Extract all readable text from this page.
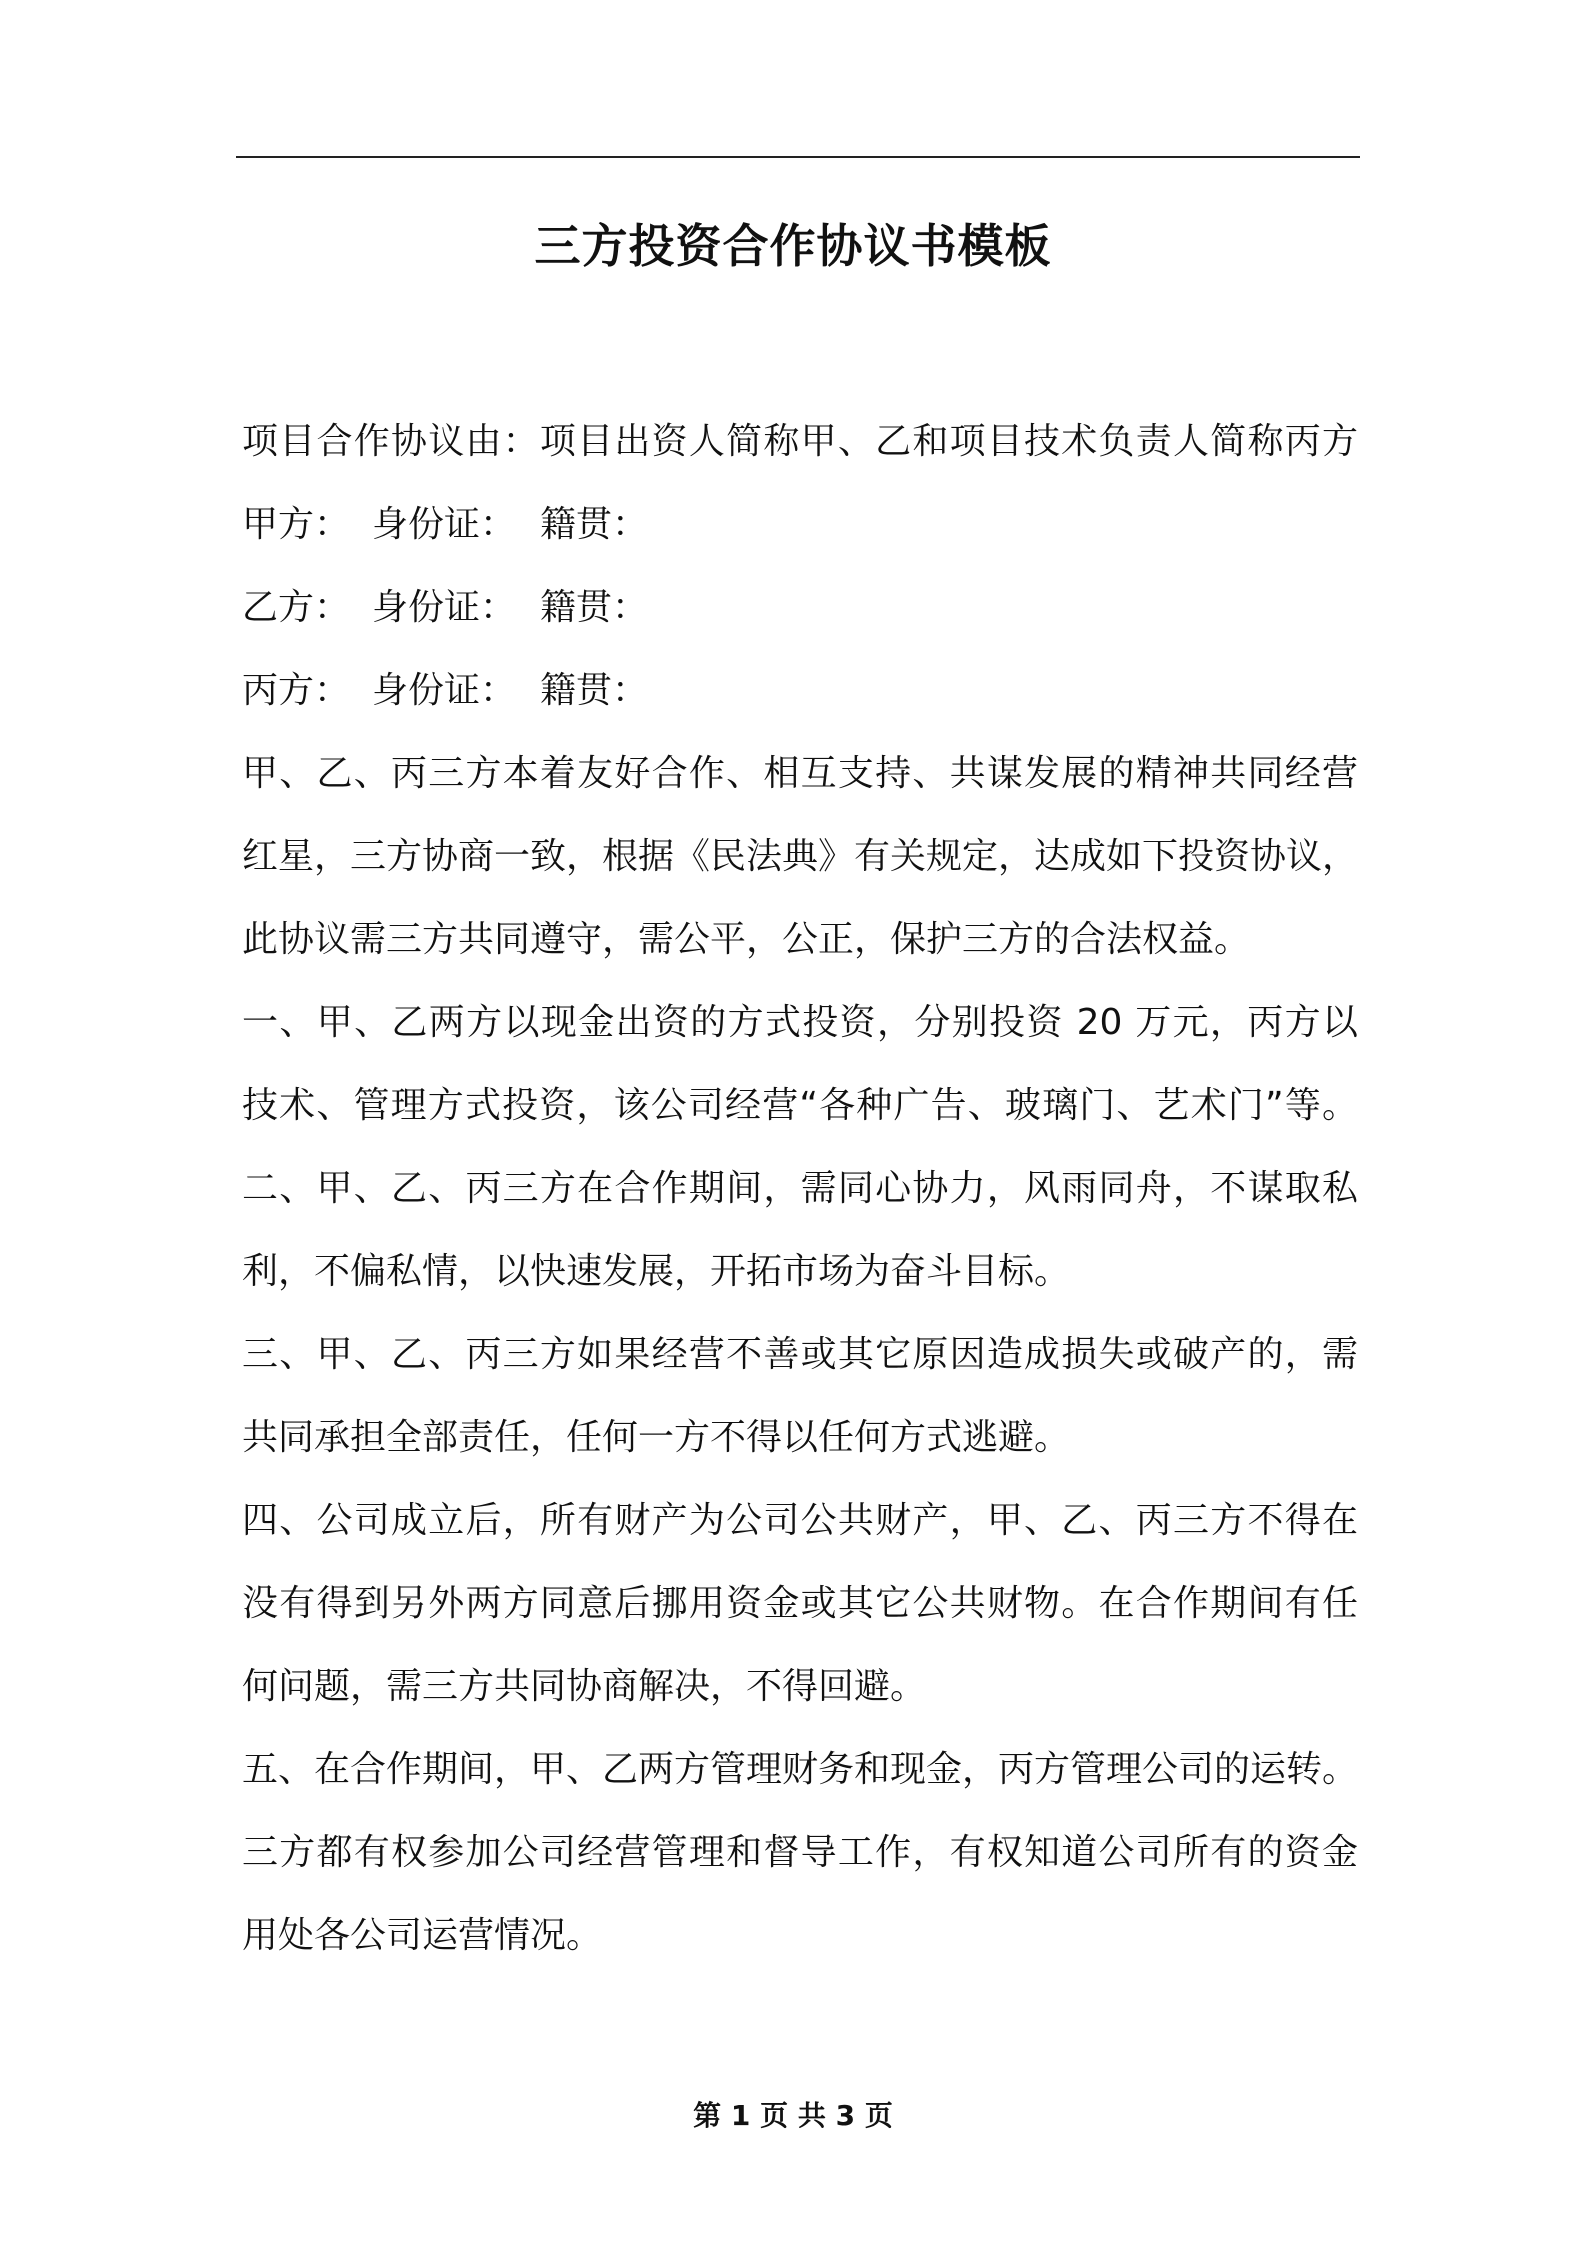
三方投资合作协议书模板
项目合作协议由：项目出资人简称甲、乙和项目技术负责人简称丙方
甲方： 身份证： 籍贯：
乙方： 身份证： 籍贯：
丙方： 身份证： 籍贯：
甲、乙、丙三方本着友好合作、相互支持、共谋发展的精神共同经营
红星，三方协商一致，根据《民法典》有关规定，达成如下投资协议，
此协议需三方共同遵守，需公平，公正，保护三方的合法权益。
一、甲、乙两方以现金出资的方式投资，分别投资 20 万元，丙方以
技术、管理方式投资，该公司经营“各种广告、玻璃门、艺术门”等。
二、甲、乙、丙三方在合作期间，需同心协力，风雨同舟，不谋取私
利，不偏私情，以快速发展，开拓市场为奋斗目标。
三、甲、乙、丙三方如果经营不善或其它原因造成损失或破产的，需
共同承担全部责任，任何一方不得以任何方式逃避。
四、公司成立后，所有财产为公司公共财产，甲、乙、丙三方不得在
没有得到另外两方同意后挪用资金或其它公共财物。在合作期间有任
何问题，需三方共同协商解决，不得回避。
五、在合作期间，甲、乙两方管理财务和现金，丙方管理公司的运转。
三方都有权参加公司经营管理和督导工作，有权知道公司所有的资金
用处各公司运营情况。
第 1 页 共 3 页
